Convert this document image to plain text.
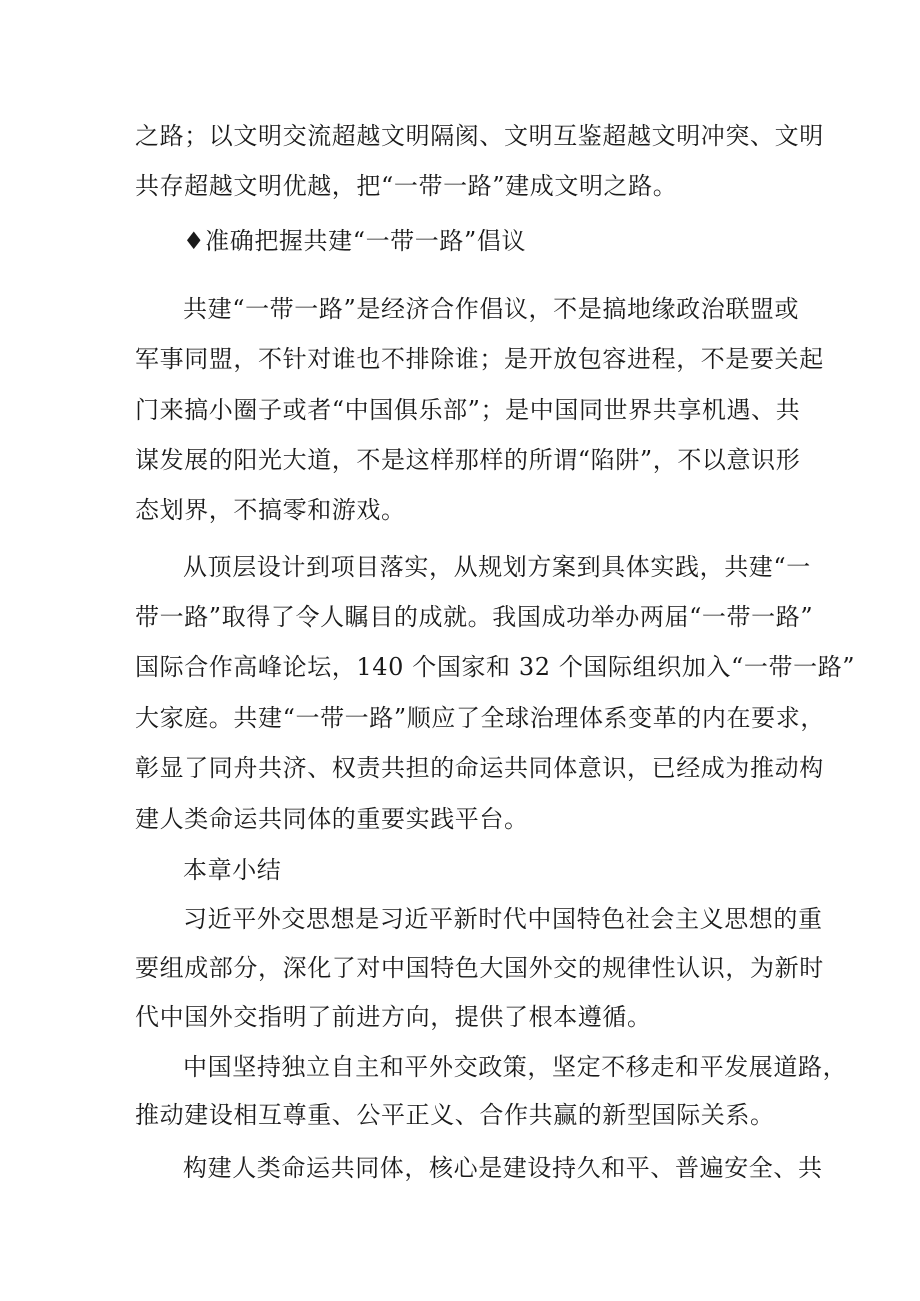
之路；以文明交流超越文明隔阂、文明互鉴超越文明冲突、文明
共存超越文明优越，把“一带一路”建成文明之路。
♦准确把握共建“一带一路”倡议
共建“一带一路”是经济合作倡议，不是搞地缘政治联盟或
军事同盟，不针对谁也不排除谁；是开放包容进程，不是要关起
门来搞小圈子或者“中国俱乐部”；是中国同世界共享机遇、共
谋发展的阳光大道，不是这样那样的所谓“陷阱”，不以意识形
态划界，不搞零和游戏。
从顶层设计到项目落实，从规划方案到具体实践，共建“一
带一路”取得了令人瞩目的成就。我国成功举办两届“一带一路”
国际合作高峰论坛，140 个国家和 32 个国际组织加入“一带一路”
大家庭。共建“一带一路”顺应了全球治理体系变革的内在要求，
彰显了同舟共济、权责共担的命运共同体意识，已经成为推动构
建人类命运共同体的重要实践平台。
本章小结
习近平外交思想是习近平新时代中国特色社会主义思想的重
要组成部分，深化了对中国特色大国外交的规律性认识，为新时
代中国外交指明了前进方向，提供了根本遵循。
中国坚持独立自主和平外交政策，坚定不移走和平发展道路，
推动建设相互尊重、公平正义、合作共赢的新型国际关系。
构建人类命运共同体，核心是建设持久和平、普遍安全、共
